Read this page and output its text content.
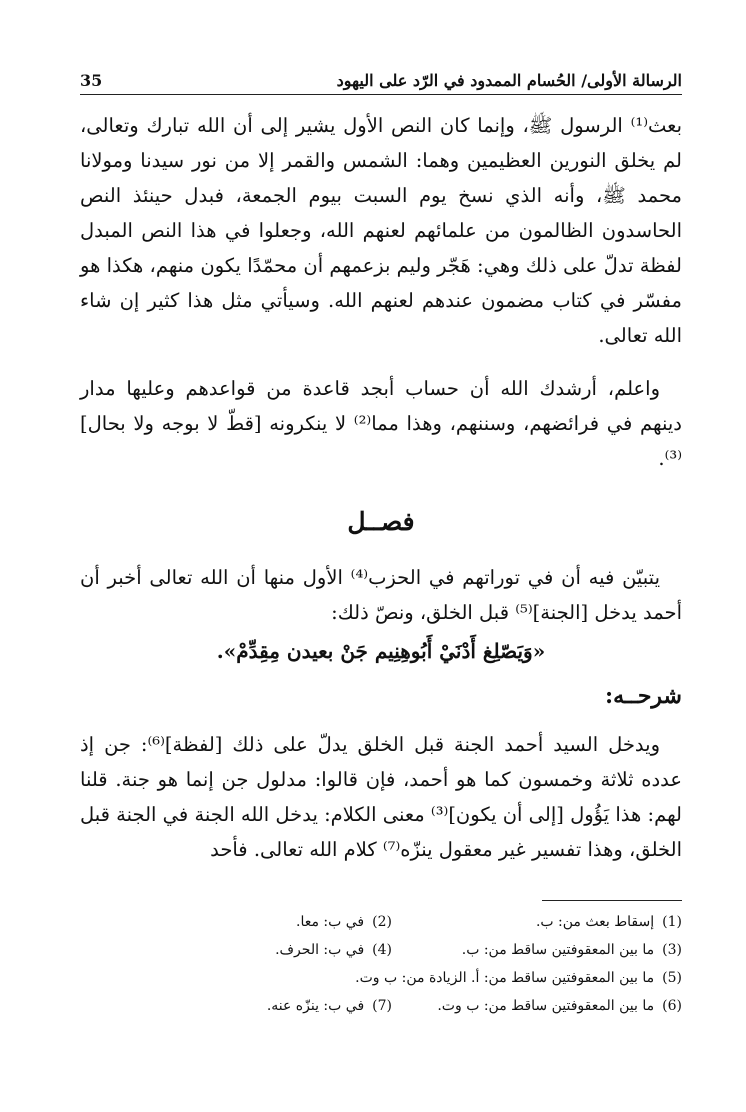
الرسالة الأولى/ الحُسام الممدود في الرّد على اليهود
35

بعث⁽¹⁾ الرسول ﷺ، وإنما كان النص الأول يشير إلى أن الله تبارك وتعالى، لم يخلق النورين العظيمين وهما: الشمس والقمر إلا من نور سيدنا ومولانا محمد ﷺ، وأنه الذي نسخ يوم السبت بيوم الجمعة، فبدل حينئذ النص الحاسدون الظالمون من علمائهم لعنهم الله، وجعلوا في هذا النص المبدل لفظة تدلّ على ذلك وهي: هَجّر وليم بزعمهم أن محمّدًا يكون منهم، هكذا هو مفسّر في كتاب مضمون عندهم لعنهم الله. وسيأتي مثل هذا كثير إن شاء الله تعالى.

واعلم، أرشدك الله أن حساب أبجد قاعدة من قواعدهم وعليها مدار دينهم في فرائضهم، وسننهم، وهذا مما⁽²⁾ لا ينكرونه [قطّ لا بوجه ولا بحال]⁽³⁾.

فصــل

يتبيّن فيه أن في توراتهم في الحزب⁽⁴⁾ الأول منها أن الله تعالى أخبر أن أحمد يدخل [الجنة]⁽⁵⁾ قبل الخلق، ونصّ ذلك:

«وَيَصّلِغ أَدْنَيْ أَبُوهِنِيم جَنْ بعيدن مِقِدِّمْ».
شرحــه:

ويدخل السيد أحمد الجنة قبل الخلق يدلّ على ذلك [لفظة]⁽⁶⁾: جن إذ عدده ثلاثة وخمسون كما هو أحمد، فإن قالوا: مدلول جن إنما هو جنة. قلنا لهم: هذا يَؤُول [إلى أن يكون]⁽³⁾ معنى الكلام: يدخل الله الجنة في الجنة قبل الخلق، وهذا تفسير غير معقول ينزّه⁽⁷⁾ كلام الله تعالى. فأحد

(1)إسقاط بعث من: ب.
(2)في ب: معا.
(3)ما بين المعقوفتين ساقط من: ب.
(4)في ب: الحرف.
(5)ما بين المعقوفتين ساقط من: أ. الزيادة من: ب وت.
(6)ما بين المعقوفتين ساقط من: ب وت.
(7)في ب: ينزّه عنه.
